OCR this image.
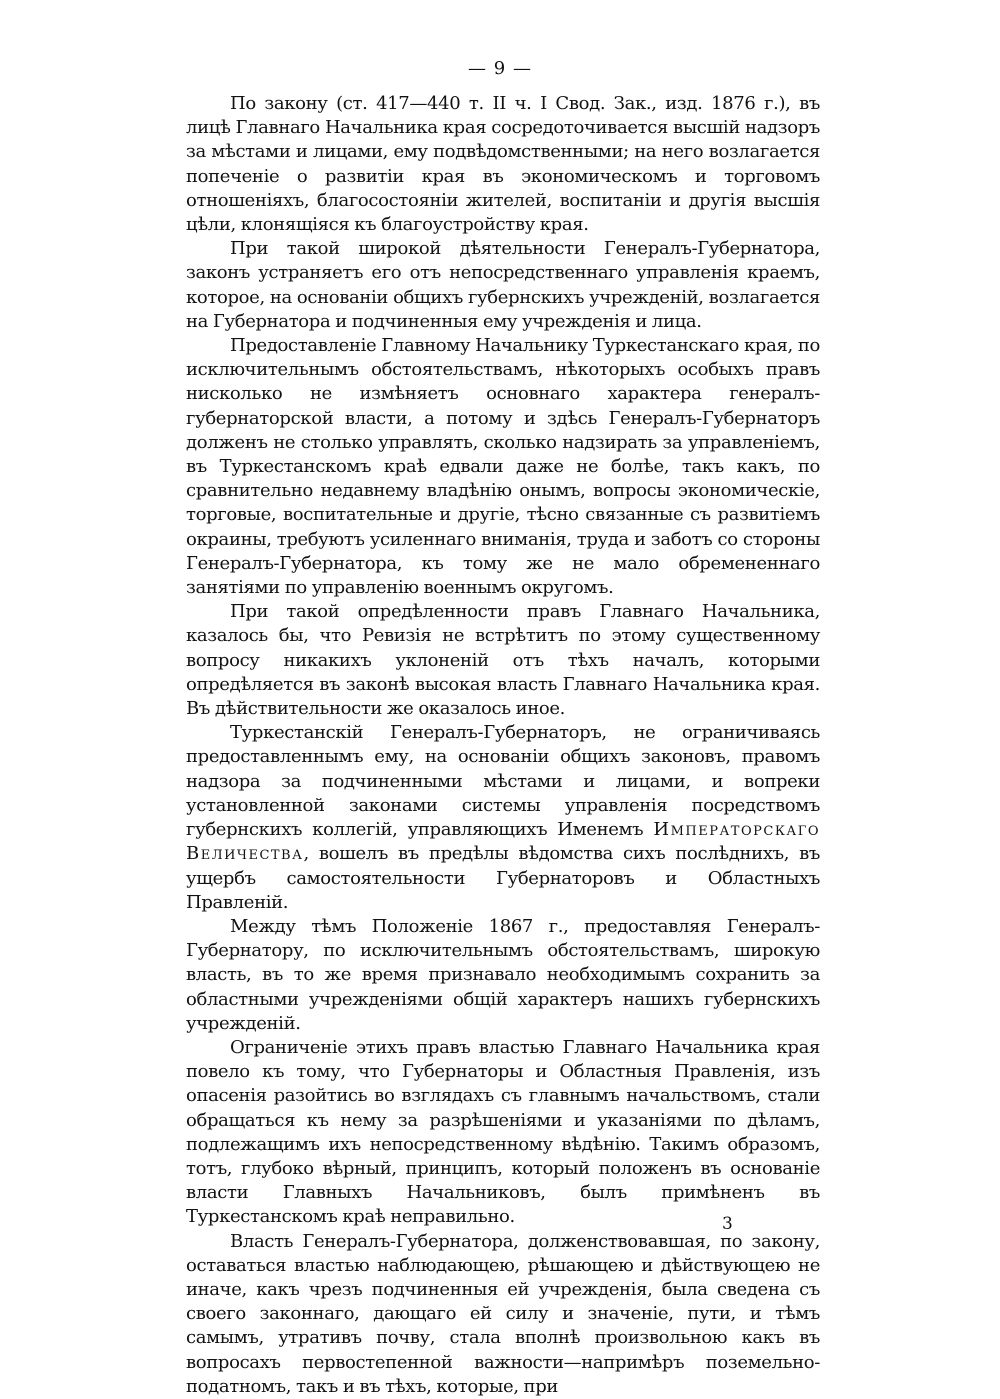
— 9 —

По закону (ст. 417—440 т. II ч. I Свод. Зак., изд. 1876 г.), въ лицѣ Главнаго Начальника края сосредоточивается высшiй надзоръ за мѣстами и лицами, ему подвѣдомственными; на него возлагается попеченiе о развитiи края въ экономическомъ и торговомъ отношенiяхъ, благосостоянiи жителей, воспитанiи и другiя высшiя цѣли, клонящiяся къ благоустройству края.

При такой широкой дѣятельности Генералъ-Губернатора, законъ устраняетъ его отъ непосредственнаго управленiя краемъ, которое, на основанiи общихъ губернскихъ учрежденiй, возлагается на Губернатора и подчиненныя ему учрежденiя и лица.

Предоставленiе Главному Начальнику Туркестанскаго края, по исключительнымъ обстоятельствамъ, нѣкоторыхъ особыхъ правъ нисколько не измѣняетъ основнаго характера генералъ-губернаторской власти, а потому и здѣсь Генералъ-Губернаторъ долженъ не столько управлять, сколько надзирать за управленiемъ, въ Туркестанскомъ краѣ едвали даже не болѣе, такъ какъ, по сравнительно недавнему владѣнiю онымъ, вопросы экономическiе, торговые, воспитательные и другiе, тѣсно связанные съ развитiемъ окраины, требуютъ усиленнаго вниманiя, труда и заботъ со стороны Генералъ-Губернатора, къ тому же не мало обремененнаго занятiями по управленiю военнымъ округомъ.

При такой опредѣленности правъ Главнаго Начальника, казалось бы, что Ревизiя не встрѣтитъ по этому существенному вопросу никакихъ уклоненiй отъ тѣхъ началъ, которыми опредѣляется въ законѣ высокая власть Главнаго Начальника края. Въ дѣйствительности же оказалось иное.

Туркестанскiй Генералъ-Губернаторъ, не ограничиваясь предоставленнымъ ему, на основанiи общихъ законовъ, правомъ надзора за подчиненными мѣстами и лицами, и вопреки установленной законами системы управленiя посредствомъ губернскихъ коллегiй, управляющихъ Именемъ Императорскаго Величества, вошелъ въ предѣлы вѣдомства сихъ послѣднихъ, въ ущербъ самостоятельности Губернаторовъ и Областныхъ Правленiй.

Между тѣмъ Положенiе 1867 г., предоставляя Генералъ-Губернатору, по исключительнымъ обстоятельствамъ, широкую власть, въ то же время признавало необходимымъ сохранить за областными учрежденiями общiй характеръ нашихъ губернскихъ учрежденiй.

Ограниченiе этихъ правъ властью Главнаго Начальника края повело къ тому, что Губернаторы и Областныя Правленiя, изъ опасенiя разойтись во взглядахъ съ главнымъ начальствомъ, стали обращаться къ нему за разрѣшенiями и указанiями по дѣламъ, подлежащимъ ихъ непосредственному вѣдѣнiю. Такимъ образомъ, тотъ, глубоко вѣрный, принципъ, который положенъ въ основанiе власти Главныхъ Начальниковъ, былъ примѣненъ въ Туркестанскомъ краѣ неправильно.

Власть Генералъ-Губернатора, долженствовавшая, по закону, оставаться властью наблюдающею, рѣшающею и дѣйствующею не иначе, какъ чрезъ подчиненныя ей учрежденiя, была сведена съ своего законнаго, дающаго ей силу и значенiе, пути, и тѣмъ самымъ, утративъ почву, стала вполнѣ произвольною какъ въ вопросахъ первостепенной важности—напримѣръ поземельно-податномъ, такъ и въ тѣхъ, которые, при

3
